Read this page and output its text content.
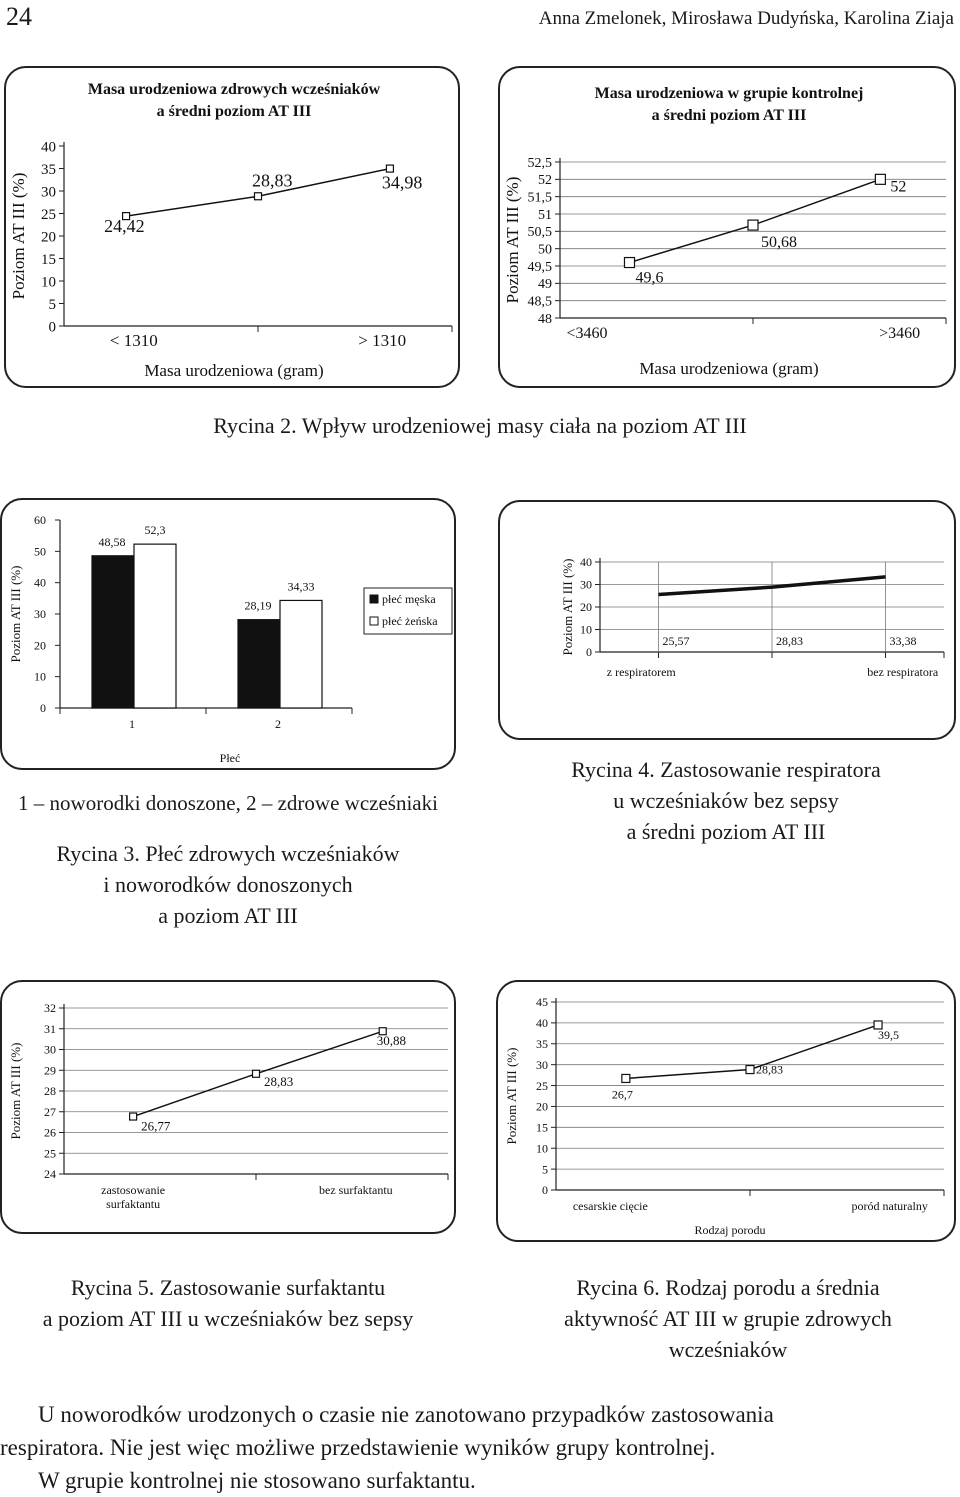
24	Anna Zmelonek, Mirosława Dudyńska, Karolina Ziaja
Masa urodzeniowa zdrowych wcześniaków
a średni poziom AT III
0
5
10
15
20
25
30
35
40
< 1310	> 1310
Masa urodzeniowa (gram)
Poziom AT III (%)	24,42
28,83	34,98
Masa urodzeniowa w grupie kontrolnej
a średni poziom AT III
48
48,5
49
49,5
50
50,5
51
51,5
52
52,5
<3460	>3460
Masa urodzeniowa (gram)
Poziom AT III (%)	49,6
50,68
52
Rycina 2. Wpływ urodzeniowej masy ciała na poziom AT III
0
10
20
30
40
50
60
48,58
52,3
1
28,19
34,33
2
Płeć
Poziom AT III (%)	płeć męska
płeć żeńska
0
10
20
30
40
z respiratorem	bez respiratora
Poziom AT III (%)	25,57	28,83	33,38
1 – noworodki donoszone, 2 – zdrowe wcześniaki
Rycina 3. Płeć zdrowych wcześniaków
i noworodków donoszonych
a poziom AT III
Rycina 4. Zastosowanie respiratora
u wcześniaków bez sepsy
a średni poziom AT III
24
25
26
27
28
29
30
31
32
zastosowanie surfaktantu
bez surfaktantu
Poziom AT III (%)	26,77
28,83
30,88
0
5
10
15
20
25
30
35
40
45
cesarskie cięcie	poród naturalny
Rodzaj porodu
Poziom AT III (%)	26,7
28,83
39,5
Rycina 5. Zastosowanie surfaktantu
a poziom AT III u wcześniaków bez sepsy
Rycina 6. Rodzaj porodu a średnia
aktywność AT III w grupie zdrowych
wcześniaków
U noworodków urodzonych o czasie nie zanotowano przypadków zastosowania
respiratora. Nie jest więc możliwe przedstawienie wyników grupy kontrolnej.
W grupie kontrolnej nie stosowano surfaktantu.
